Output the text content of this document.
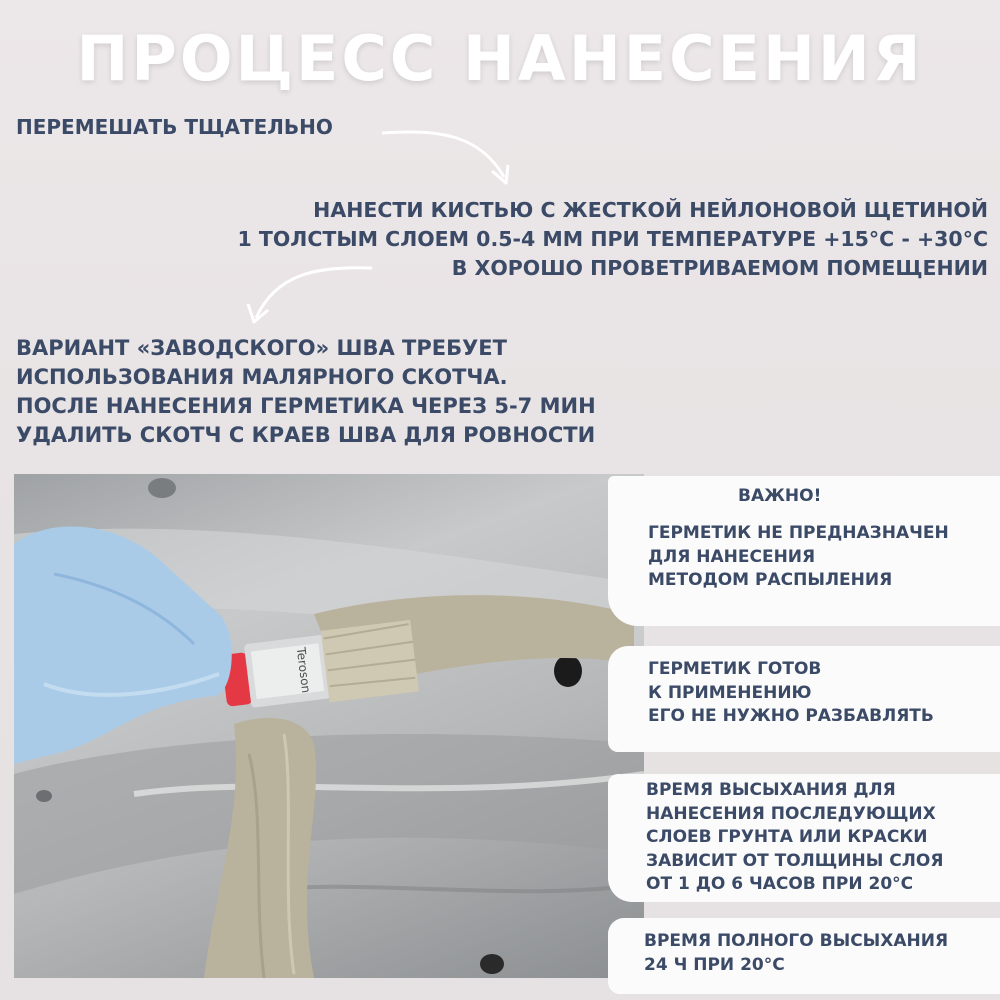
ПРОЦЕСС НАНЕСЕНИЯ
ПЕРЕМЕШАТЬ ТЩАТЕЛЬНО
НАНЕСТИ КИСТЬЮ С ЖЕСТКОЙ НЕЙЛОНОВОЙ ЩЕТИНОЙ
1 ТОЛСТЫМ СЛОЕМ 0.5-4 ММ ПРИ ТЕМПЕРАТУРЕ +15°С - +30°С
В ХОРОШО ПРОВЕТРИВАЕМОМ ПОМЕЩЕНИИ
ВАРИАНТ «ЗАВОДСКОГО» ШВА ТРЕБУЕТ
ИСПОЛЬЗОВАНИЯ МАЛЯРНОГО СКОТЧА.
ПОСЛЕ НАНЕСЕНИЯ ГЕРМЕТИКА ЧЕРЕЗ 5-7 МИН
УДАЛИТЬ СКОТЧ С КРАЕВ ШВА ДЛЯ РОВНОСТИ
Teroson
ВАЖНО!
ГЕРМЕТИК НЕ ПРЕДНАЗНАЧЕН
ДЛЯ НАНЕСЕНИЯ
МЕТОДОМ РАСПЫЛЕНИЯ
ГЕРМЕТИК ГОТОВ
К ПРИМЕНЕНИЮ
ЕГО НЕ НУЖНО РАЗБАВЛЯТЬ
ВРЕМЯ ВЫСЫХАНИЯ ДЛЯ
НАНЕСЕНИЯ ПОСЛЕДУЮЩИХ
СЛОЕВ ГРУНТА ИЛИ КРАСКИ
ЗАВИСИТ ОТ ТОЛЩИНЫ СЛОЯ
ОТ 1 ДО 6 ЧАСОВ ПРИ 20°С
ВРЕМЯ ПОЛНОГО ВЫСЫХАНИЯ
24 Ч ПРИ 20°С
